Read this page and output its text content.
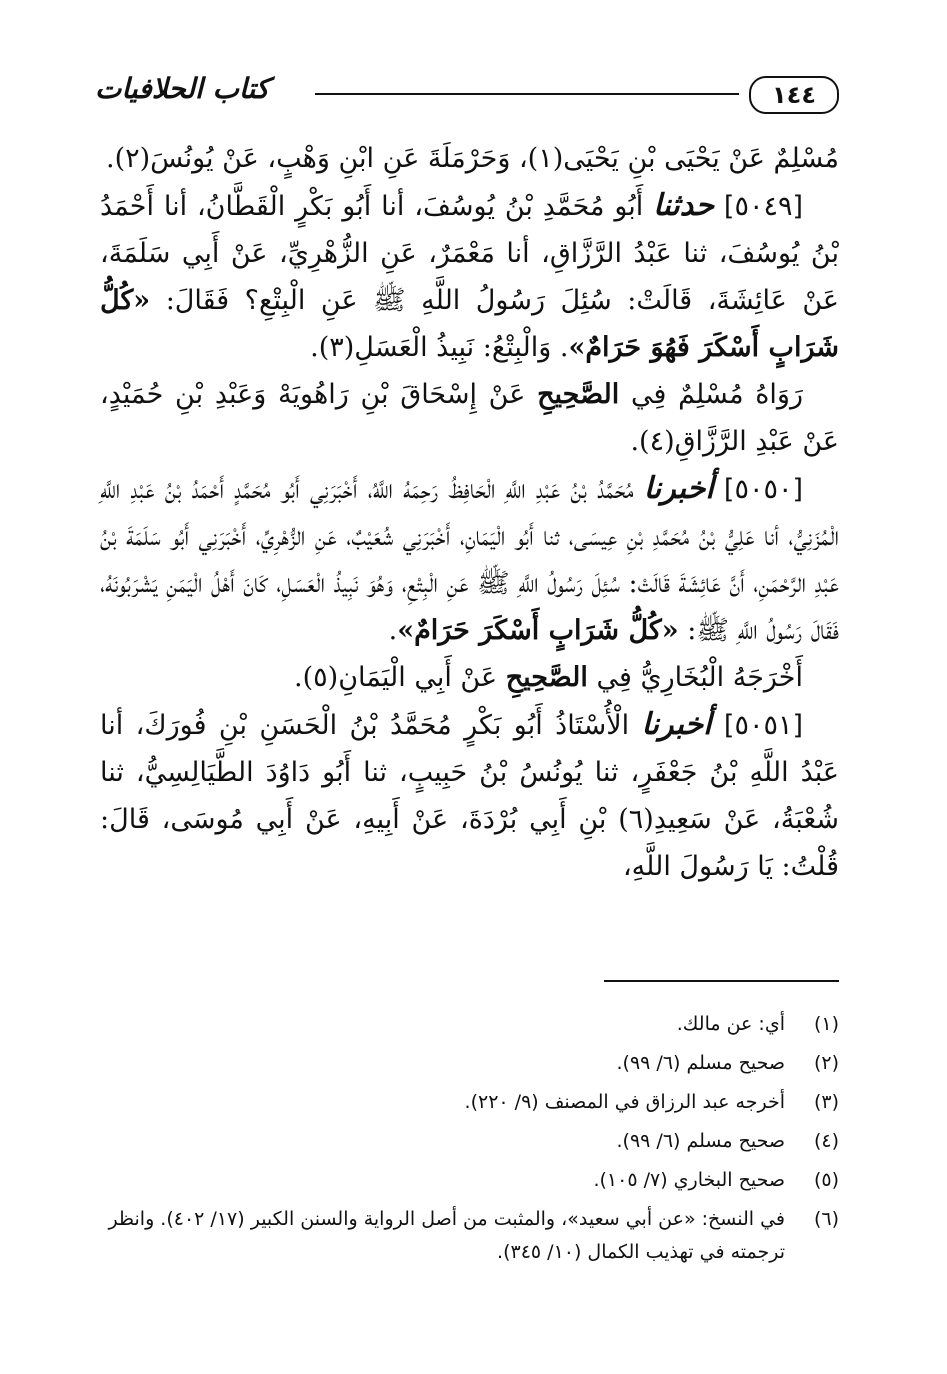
١٤٤
كتاب الحلافيات

مُسْلِمٌ عَنْ يَحْيَى بْنِ يَحْيَى(١)، وَحَرْمَلَةَ عَنِ ابْنِ وَهْبٍ، عَنْ يُونُسَ(٢).

[٥٠٤٩] حدثنا أَبُو مُحَمَّدِ بْنُ يُوسُفَ، أنا أَبُو بَكْرٍ الْقَطَّانُ، أنا أَحْمَدُ بْنُ يُوسُفَ، ثنا عَبْدُ الرَّزَّاقِ، أنا مَعْمَرٌ، عَنِ الزُّهْرِيِّ، عَنْ أَبِي سَلَمَةَ، عَنْ عَائِشَةَ، قَالَتْ: سُئِلَ رَسُولُ اللَّهِ ﷺ عَنِ الْبِتْعِ؟ فَقَالَ: «كُلُّ شَرَابٍ أَسْكَرَ فَهُوَ حَرَامٌ». وَالْبِتْعُ: نَبِيذُ الْعَسَلِ(٣).

رَوَاهُ مُسْلِمٌ فِي الصَّحِيحِ عَنْ إِسْحَاقَ بْنِ رَاهُويَهْ وَعَبْدِ بْنِ حُمَيْدٍ، عَنْ عَبْدِ الرَّزَّاقِ(٤).

[٥٠٥٠] أخبرنا مُحَمَّدُ بْنُ عَبْدِ اللَّهِ الْحَافِظُ رَحِمَهُ اللَّهُ، أَخْبَرَنِي أَبُو مُحَمَّدٍ أَحْمَدُ بْنُ عَبْدِ اللَّهِ الْمُزَنِيُّ، أنا عَلِيُّ بْنُ مُحَمَّدِ بْنِ عِيسَى، ثنا أَبُو الْيَمَانِ، أَخْبَرَنِي شُعَيْبٌ، عَنِ الزُّهْرِيِّ، أَخْبَرَنِي أَبُو سَلَمَةَ بْنُ عَبْدِ الرَّحْمَنِ، أَنَّ عَائِشَةَ قَالَتْ: سُئِلَ رَسُولُ اللَّهِ ﷺ عَنِ الْبِتْعِ، وَهُوَ نَبِيذُ الْعَسَلِ، كَانَ أَهْلُ الْيَمَنِ يَشْرَبُونَهُ، فَقَالَ رَسُولُ اللَّهِ ﷺ: «كُلُّ شَرَابٍ أَسْكَرَ حَرَامٌ».

أَخْرَجَهُ الْبُخَارِيُّ فِي الصَّحِيحِ عَنْ أَبِي الْيَمَانِ(٥).

[٥٠٥١] أخبرنا الْأُسْتَاذُ أَبُو بَكْرٍ مُحَمَّدُ بْنُ الْحَسَنِ بْنِ فُورَكَ، أنا عَبْدُ اللَّهِ بْنُ جَعْفَرٍ، ثنا يُونُسُ بْنُ حَبِيبٍ، ثنا أَبُو دَاوُدَ الطَّيَالِسِيُّ، ثنا شُعْبَةُ، عَنْ سَعِيدِ(٦) بْنِ أَبِي بُرْدَةَ، عَنْ أَبِيهِ، عَنْ أَبِي مُوسَى، قَالَ: قُلْتُ: يَا رَسُولَ اللَّهِ،

(١)
أي: عن مالك.
(٢)
صحيح مسلم (٦/ ٩٩).
(٣)
أخرجه عبد الرزاق في المصنف (٩/ ٢٢٠).
(٤)
صحيح مسلم (٦/ ٩٩).
(٥)
صحيح البخاري (٧/ ١٠٥).
(٦)
في النسخ: «عن أبي سعيد»، والمثبت من أصل الرواية والسنن الكبير (١٧/ ٤٠٢). وانظر ترجمته في تهذيب الكمال (١٠/ ٣٤٥).
